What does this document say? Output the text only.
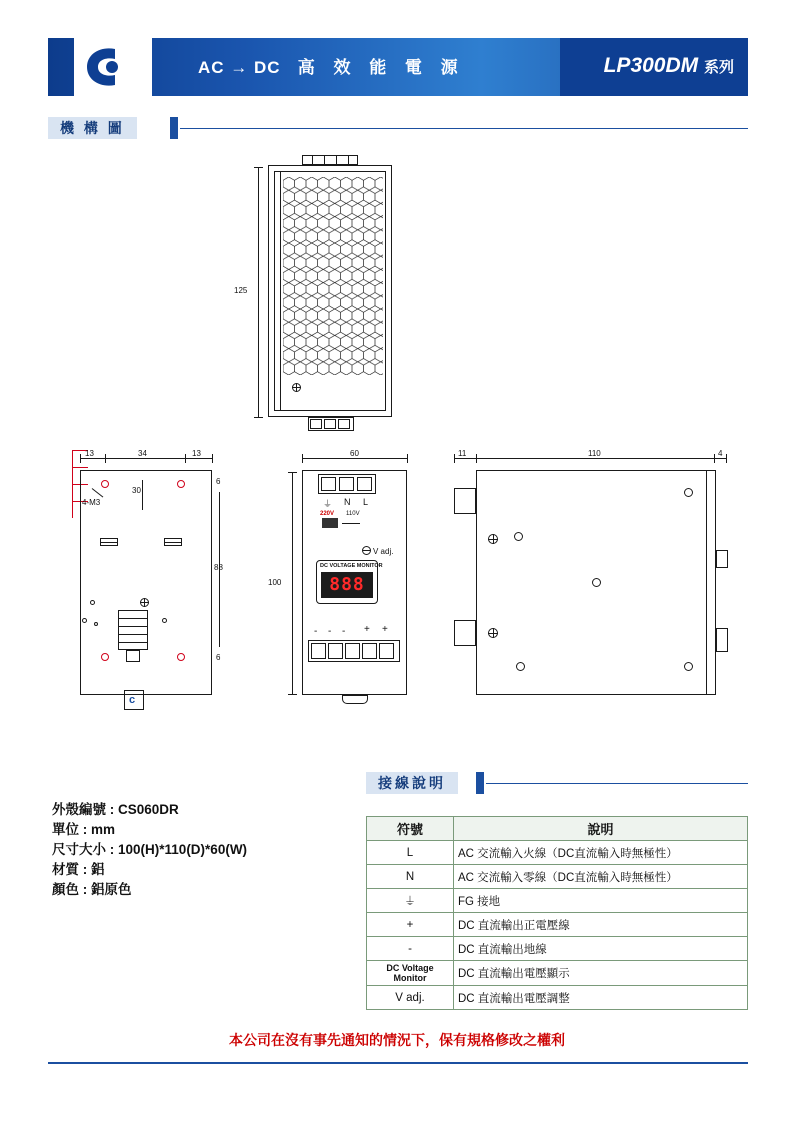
AC → DC 高 效 能 電 源	LP300DM 系列
機 構 圖
125
13	34	13
4-M3
30
6
6
88
c
60
⏚ N L
220V 110V
V adj.
DC VOLTAGE MONITOR
888
- - - + +
100
11	110	4
外殼編號 : CS060DR
單位 : mm
尺寸大小 : 100(H)*110(D)*60(W)
材質 : 鋁
顏色 : 鋁原色
接線說明
符號	說明
L	AC 交流輸入火線（DC直流輸入時無極性）
N	AC 交流輸入零線（DC直流輸入時無極性）
⏚	FG 接地
+	DC 直流輸出正電壓線
-	DC 直流輸出地線
DC Voltage Monitor	DC 直流輸出電壓顯示
V adj.	DC 直流輸出電壓調整
本公司在沒有事先通知的情況下，保有規格修改之權利
